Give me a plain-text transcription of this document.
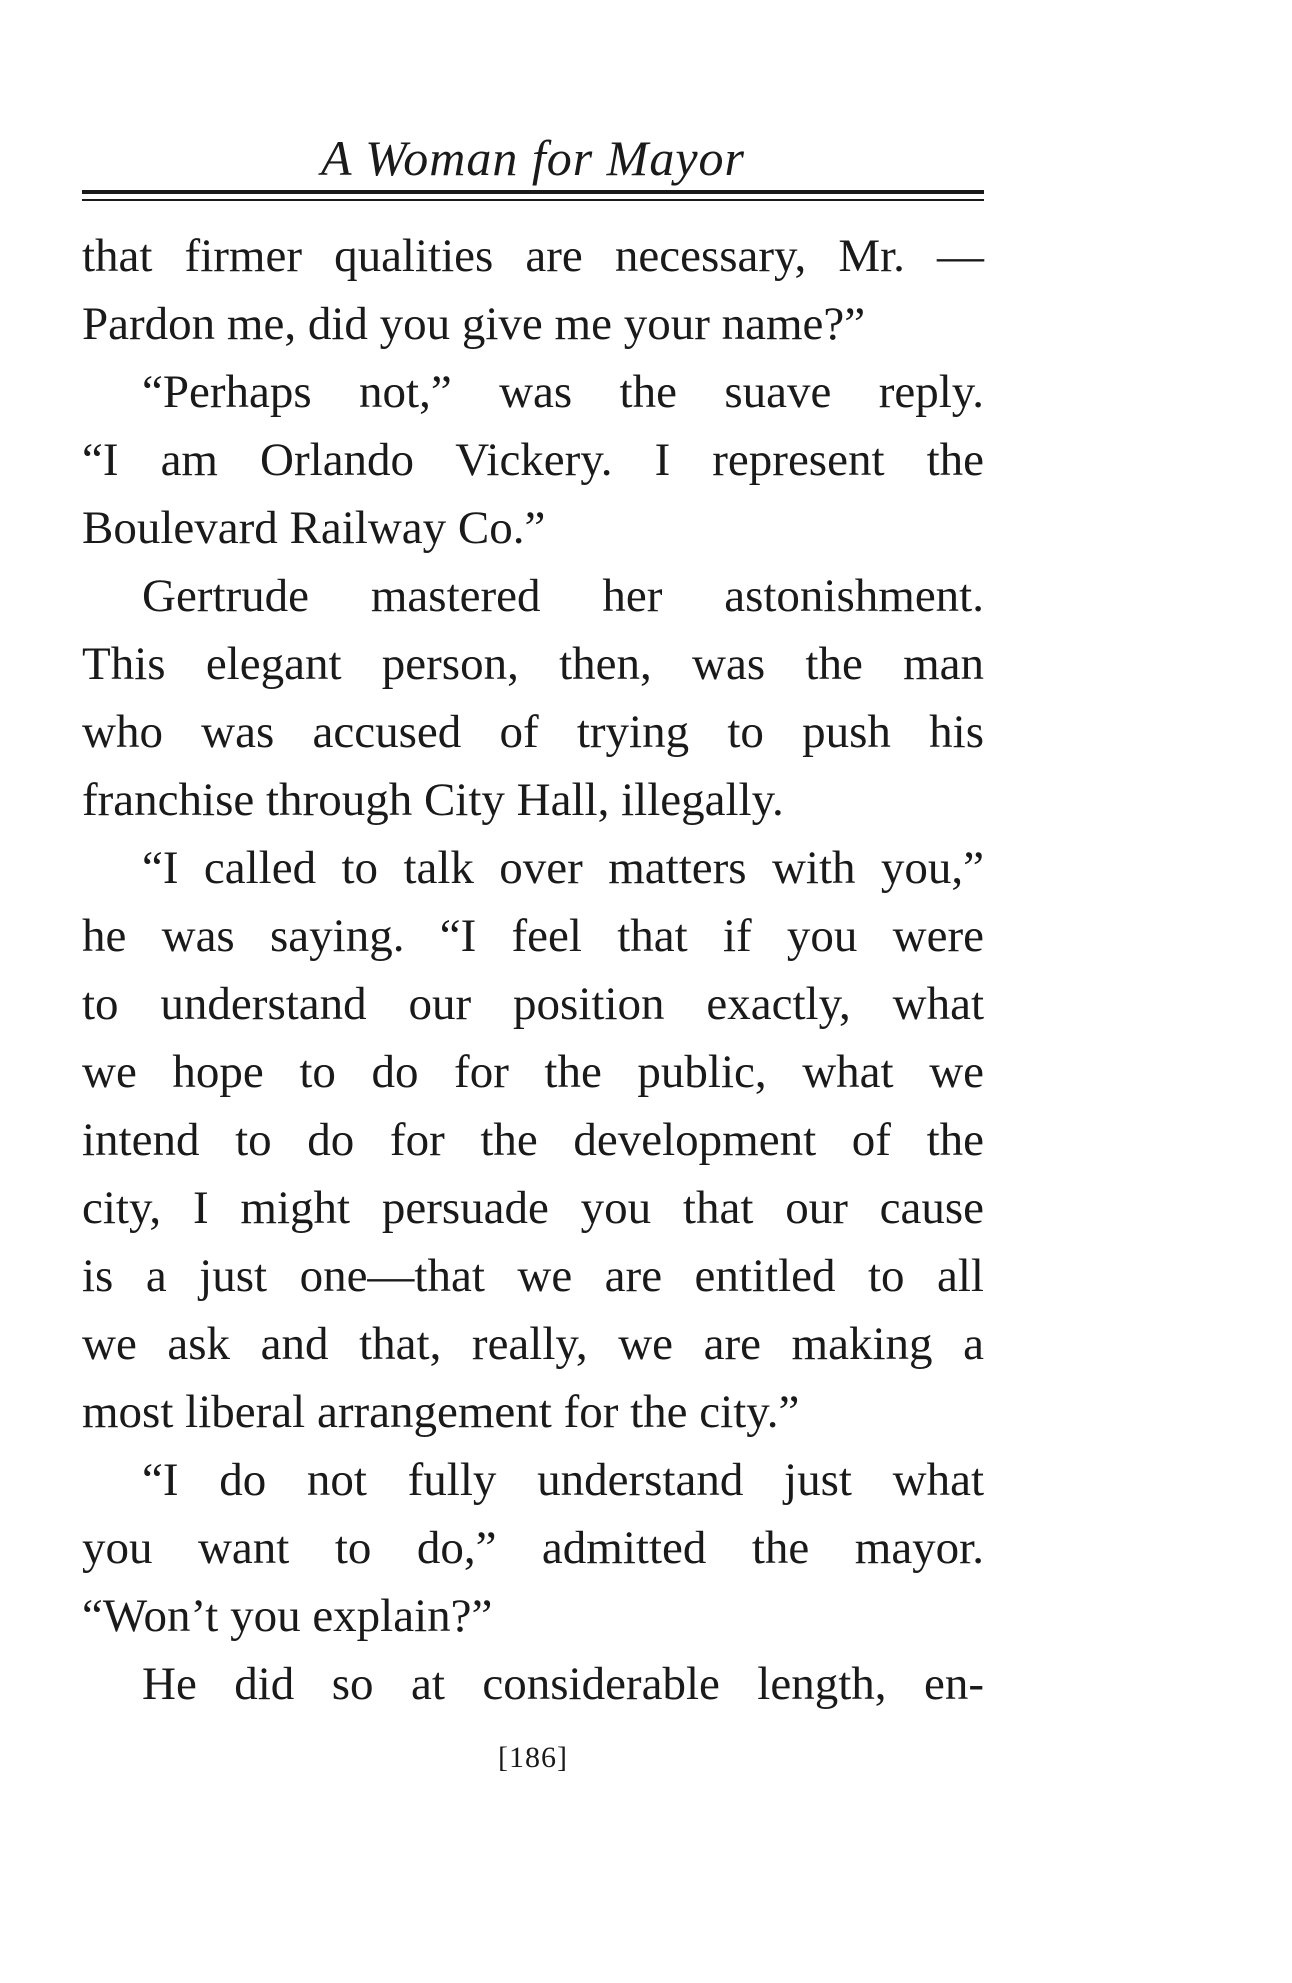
A Woman for Mayor
that firmer qualities are necessary, Mr. —
Pardon me, did you give me your name?”
“Perhaps not,” was the suave reply.
“I am Orlando Vickery. I represent the
Boulevard Railway Co.”
Gertrude mastered her astonishment.
This elegant person, then, was the man
who was accused of trying to push his
franchise through City Hall, illegally.
“I called to talk over matters with you,”
he was saying. “I feel that if you were
to understand our position exactly, what
we hope to do for the public, what we
intend to do for the development of the
city, I might persuade you that our cause
is a just one—that we are entitled to all
we ask and that, really, we are making a
most liberal arrangement for the city.”
“I do not fully understand just what
you want to do,” admitted the mayor.
“Won’t you explain?”
He did so at considerable length, en-
[186]
